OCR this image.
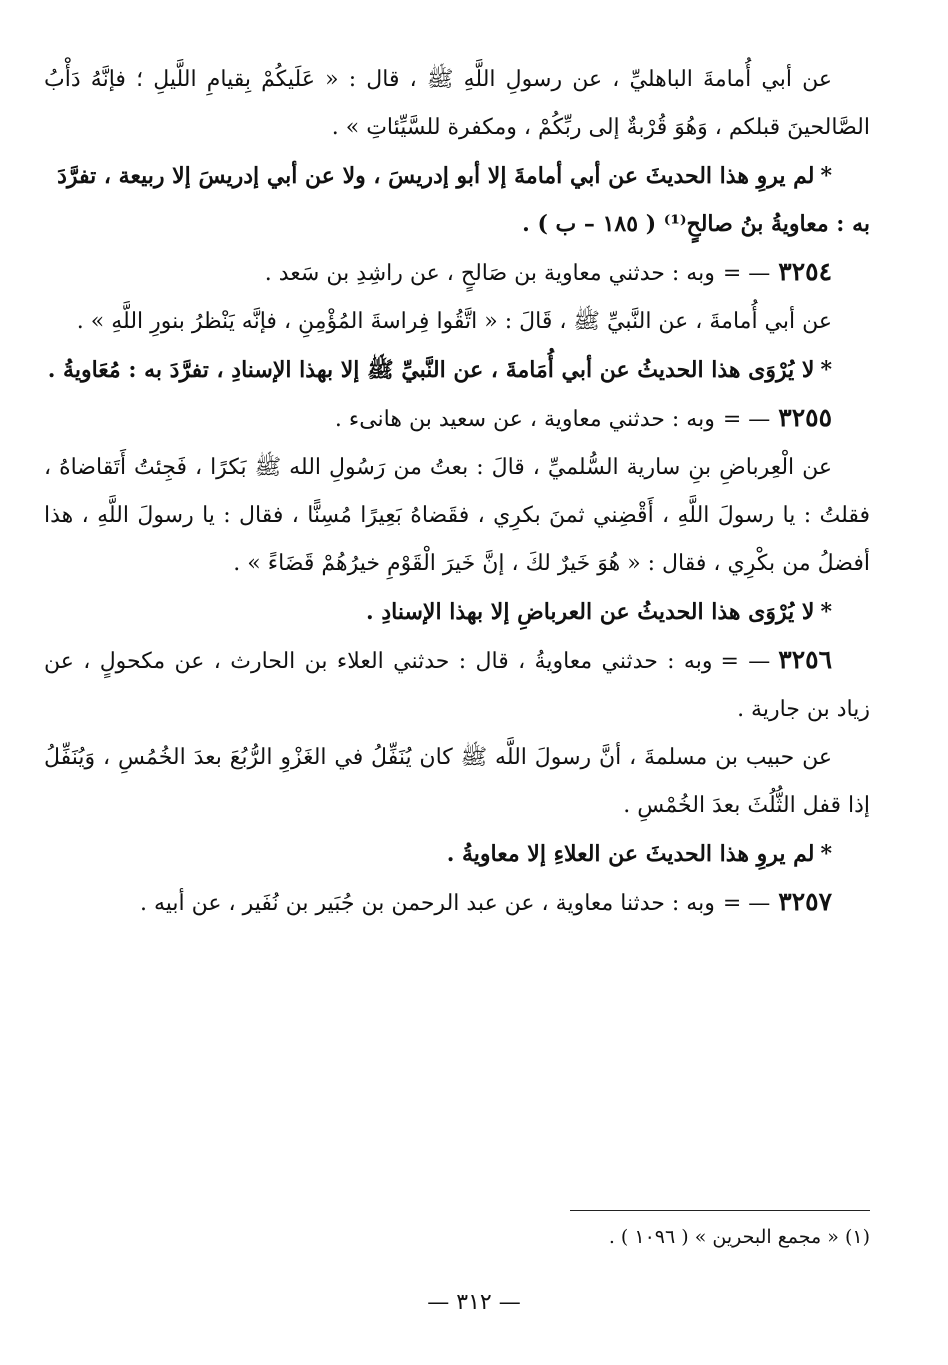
عن أبي أُمامةَ الباهليِّ ، عن رسولِ اللَّهِ ﷺ ، قال : « عَلَيكُمْ بِقيامِ اللَّيلِ ؛ فإنَّهُ دَأْبُ الصَّالحينَ قبلكم ، وَهُوَ قُرْبةٌ إلى ربِّكُمْ ، ومكفرة للسَّيِّئاتِ » .

*لم يروِ هذا الحديثَ عن أبي أمامةَ إلا أبو إدريسَ ، ولا عن أبي إدريسَ إلا ربيعة ، تفرَّدَ به : معاويةُ بنُ صالحٍ⁽¹⁾ ( ١٨٥ – ب ) .

٣٢٥٤— =وبه : حدثني معاوية بن صَالحٍ ، عن راشِدِ بن سَعد .

عن أبي أُمامةَ ، عن النَّبيِّ ﷺ ، قَالَ : « اتَّقُوا فِراسةَ المُؤْمِنِ ، فإنَّه يَنْظرُ بنورِ اللَّهِ » .

*لا يُرْوَى هذا الحديثُ عن أبي أُمَامةَ ، عن النَّبيِّ ﷺ إلا بهذا الإسنادِ ، تفرَّدَ به : مُعَاويةُ .

٣٢٥٥— =وبه : حدثني معاوية ، عن سعيد بن هانىء .

عن الْعِرباضِ بنِ سارية السُّلميِّ ، قالَ : بعتُ من رَسُولِ الله ﷺ بَكرًا ، فَجِئتُ أَتَقاضاهُ ، فقلتُ : يا رسولَ اللَّهِ ، أَقْضِني ثمنَ بكرِي ، فقَضاهُ بَعِيرًا مُسِنًّا ، فقال : يا رسولَ اللَّهِ ، هذا أفضلُ من بكْرِي ، فقال : « هُوَ خَيرٌ لكَ ، إنَّ خَيرَ الْقَوْمِ خيرُهُمْ قَضَاءً » .

*لا يُرْوَى هذا الحديثُ عن العرباضِ إلا بهذا الإسنادِ .

٣٢٥٦— =وبه : حدثني معاويةُ ، قال : حدثني العلاء بن الحارث ، عن مكحولٍ ، عن زياد بن جارية .

عن حبيب بن مسلمةَ ، أنَّ رسولَ اللَّه ﷺ كان يُنَفِّلُ في الغَزْوِ الرُّبُعَ بعدَ الخُمُسِ ، وَيُنَفِّلُ إذا قفل الثُّلُثَ بعدَ الخُمْسِ .

*لم يروِ هذا الحديثَ عن العلاءِ إلا معاويةُ .

٣٢٥٧— =وبه : حدثنا معاوية ، عن عبد الرحمن بن جُبَير بن نُفَير ، عن أبيه .

(١) « مجمع البحرين » ( ١٠٩٦ ) .
— ٣١٢ —
